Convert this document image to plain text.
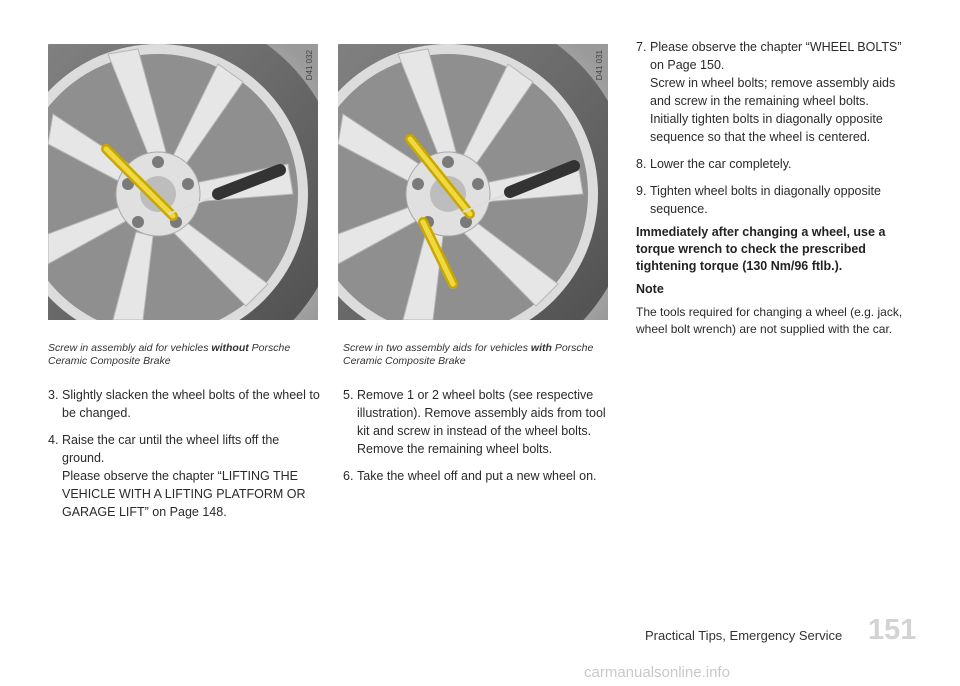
D41 032	D41 031
Screw in assembly aid for vehicles without Porsche Ceramic Composite Brake
Screw in two assembly aids for vehicles with Porsche Ceramic Composite Brake
3. Slightly slacken the wheel bolts of the wheel to be changed.
4. Raise the car until the wheel lifts off the ground.
Please observe the chapter “LIFTING THE VEHICLE WITH A LIFTING PLATFORM OR GARAGE LIFT” on Page 148.
5. Remove 1 or 2 wheel bolts (see respective illustration). Remove assembly aids from tool kit and screw in instead of the wheel bolts. Remove the remaining wheel bolts.
6. Take the wheel off and put a new wheel on.
7. Please observe the chapter “WHEEL BOLTS” on Page 150.
Screw in wheel bolts; remove assembly aids and screw in the remaining wheel bolts. Initially tighten bolts in diagonally opposite sequence so that the wheel is centered.
8. Lower the car completely.
9. Tighten wheel bolts in diagonally opposite sequence.
Immediately after changing a wheel, use a torque wrench to check the prescribed tightening torque (130 Nm/96 ftlb.).
Note
The tools required for changing a wheel (e.g. jack, wheel bolt wrench) are not supplied with the car.
Practical Tips, Emergency Service 151
carmanualsonline.info
